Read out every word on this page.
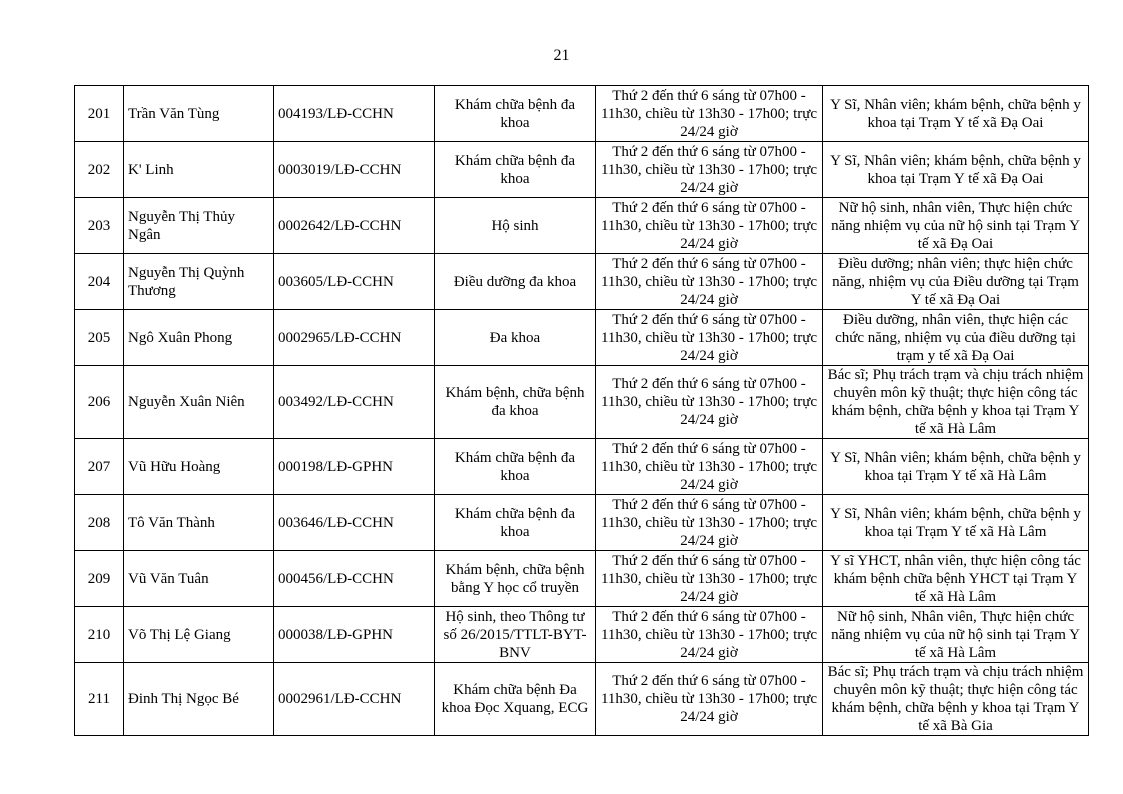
21
201	Trần Văn Tùng	004193/LĐ-CCHN	Khám chữa bệnh đa khoa	Thứ 2 đến thứ 6 sáng từ 07h00 - 11h30, chiều từ 13h30 - 17h00; trực 24/24 giờ	Y Sĩ, Nhân viên; khám bệnh, chữa bệnh y khoa tại Trạm Y tế xã Đạ Oai
202	K' Linh	0003019/LĐ-CCHN	Khám chữa bệnh đa khoa	Thứ 2 đến thứ 6 sáng từ 07h00 - 11h30, chiều từ 13h30 - 17h00; trực 24/24 giờ	Y Sĩ, Nhân viên; khám bệnh, chữa bệnh y khoa tại Trạm Y tế xã Đạ Oai
203	Nguyễn Thị Thủy Ngân	0002642/LĐ-CCHN	Hộ sinh	Thứ 2 đến thứ 6 sáng từ 07h00 - 11h30, chiều từ 13h30 - 17h00; trực 24/24 giờ	Nữ hộ sinh, nhân viên, Thực hiện chức năng nhiệm vụ của nữ hộ sinh tại Trạm Y tế xã Đạ Oai
204	Nguyễn Thị Quỳnh Thương	003605/LĐ-CCHN	Điều dưỡng đa khoa	Thứ 2 đến thứ 6 sáng từ 07h00 - 11h30, chiều từ 13h30 - 17h00; trực 24/24 giờ	Điều dưỡng; nhân viên; thực hiện chức năng, nhiệm vụ của Điều dưỡng tại Trạm Y tế xã Đạ Oai
205	Ngô Xuân Phong	0002965/LĐ-CCHN	Đa khoa	Thứ 2 đến thứ 6 sáng từ 07h00 - 11h30, chiều từ 13h30 - 17h00; trực 24/24 giờ	Điều dưỡng, nhân viên, thực hiện các chức năng, nhiệm vụ của điều dưỡng tại trạm y tế xã Đạ Oai
206	Nguyễn Xuân Niên	003492/LĐ-CCHN	Khám bệnh, chữa bệnh đa khoa	Thứ 2 đến thứ 6 sáng từ 07h00 - 11h30, chiều từ 13h30 - 17h00; trực 24/24 giờ	Bác sĩ; Phụ trách trạm và chịu trách nhiệm chuyên môn kỹ thuật; thực hiện công tác khám bệnh, chữa bệnh y khoa tại Trạm Y tế xã Hà Lâm
207	Vũ Hữu Hoàng	000198/LĐ-GPHN	Khám chữa bệnh đa khoa	Thứ 2 đến thứ 6 sáng từ 07h00 - 11h30, chiều từ 13h30 - 17h00; trực 24/24 giờ	Y Sĩ, Nhân viên; khám bệnh, chữa bệnh y khoa tại Trạm Y tế xã Hà Lâm
208	Tô Văn Thành	003646/LĐ-CCHN	Khám chữa bệnh đa khoa	Thứ 2 đến thứ 6 sáng từ 07h00 - 11h30, chiều từ 13h30 - 17h00; trực 24/24 giờ	Y Sĩ, Nhân viên; khám bệnh, chữa bệnh y khoa tại Trạm Y tế xã Hà Lâm
209	Vũ Văn Tuân	000456/LĐ-CCHN	Khám bệnh, chữa bệnh bằng Y học cổ truyền	Thứ 2 đến thứ 6 sáng từ 07h00 - 11h30, chiều từ 13h30 - 17h00; trực 24/24 giờ	Y sĩ YHCT, nhân viên, thực hiện công tác khám bệnh chữa bệnh YHCT tại Trạm Y tế xã Hà Lâm
210	Võ Thị Lệ Giang	000038/LĐ-GPHN	Hộ sinh, theo Thông tư số 26/2015/TTLT-BYT-BNV	Thứ 2 đến thứ 6 sáng từ 07h00 - 11h30, chiều từ 13h30 - 17h00; trực 24/24 giờ	Nữ hộ sinh, Nhân viên, Thực hiện chức năng nhiệm vụ của nữ hộ sinh tại Trạm Y tế xã Hà Lâm
211	Đinh Thị Ngọc Bé	0002961/LĐ-CCHN	Khám chữa bệnh Đa khoa Đọc Xquang, ECG	Thứ 2 đến thứ 6 sáng từ 07h00 - 11h30, chiều từ 13h30 - 17h00; trực 24/24 giờ	Bác sĩ; Phụ trách trạm và chịu trách nhiệm chuyên môn kỹ thuật; thực hiện công tác khám bệnh, chữa bệnh y khoa tại Trạm Y tế xã Bà Gia
